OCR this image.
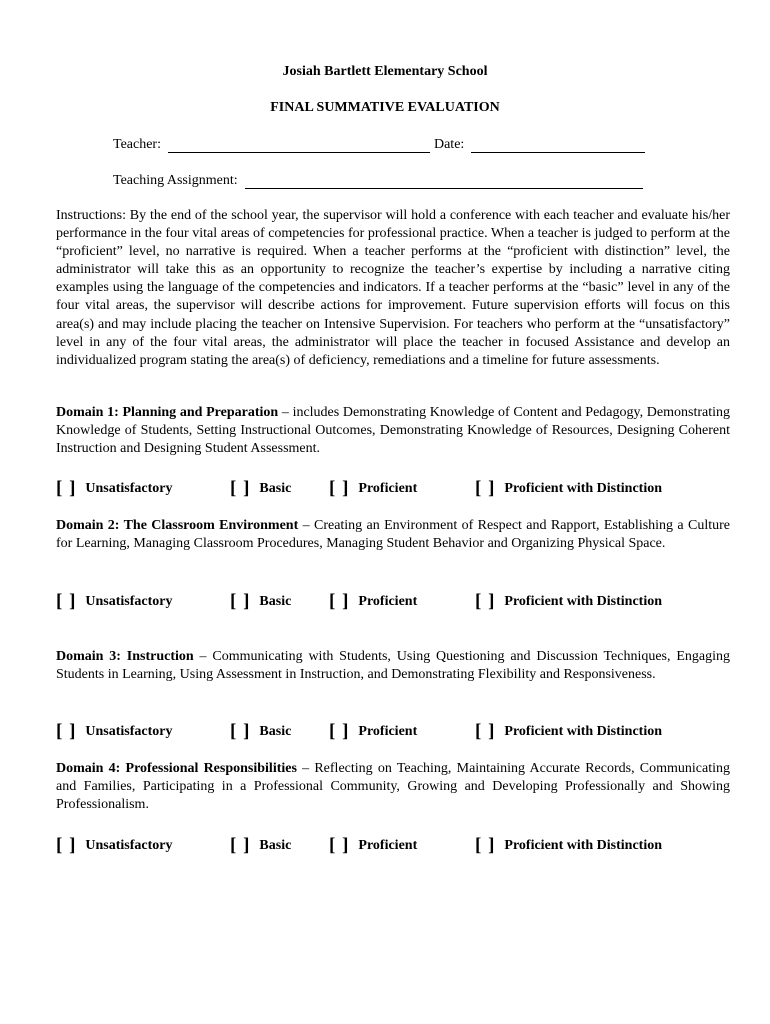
Josiah Bartlett Elementary School
FINAL SUMMATIVE EVALUATION
Teacher:	Date:
Teaching Assignment:

Instructions: By the end of the school year, the supervisor will hold a conference with each teacher and evaluate his/her performance in the four vital areas of competencies for professional practice. When a teacher is judged to perform at the “proficient” level, no narrative is required. When a teacher performs at the “proficient with distinction” level, the administrator will take this as an opportunity to recognize the teacher’s expertise by including a narrative citing examples using the language of the competencies and indicators. If a teacher performs at the “basic” level in any of the four vital areas, the supervisor will describe actions for improvement. Future supervision efforts will focus on this area(s) and may include placing the teacher on Intensive Supervision. For teachers who perform at the “unsatisfactory” level in any of the four vital areas, the administrator will place the teacher in focused Assistance and develop an individualized program stating the area(s) of deficiency, remediations and a timeline for future assessments.

Domain 1: Planning and Preparation – includes Demonstrating Knowledge of Content and Pedagogy, Demonstrating Knowledge of Students, Setting Instructional Outcomes, Demonstrating Knowledge of Resources, Designing Coherent Instruction and Designing Student Assessment.

[ ] Unsatisfactory	[ ] Basic [ ] Proficient	[ ] Proficient with Distinction

Domain 2: The Classroom Environment – Creating an Environment of Respect and Rapport, Establishing a Culture for Learning, Managing Classroom Procedures, Managing Student Behavior and Organizing Physical Space.

[ ] Unsatisfactory	[ ] Basic [ ] Proficient	[ ] Proficient with Distinction

Domain 3: Instruction – Communicating with Students, Using Questioning and Discussion Techniques, Engaging Students in Learning, Using Assessment in Instruction, and Demonstrating Flexibility and Responsiveness.

[ ] Unsatisfactory	[ ] Basic [ ] Proficient	[ ] Proficient with Distinction

Domain 4: Professional Responsibilities – Reflecting on Teaching, Maintaining Accurate Records, Communicating and Families, Participating in a Professional Community, Growing and Developing Professionally and Showing Professionalism.

[ ] Unsatisfactory	[ ] Basic [ ] Proficient	[ ] Proficient with Distinction
